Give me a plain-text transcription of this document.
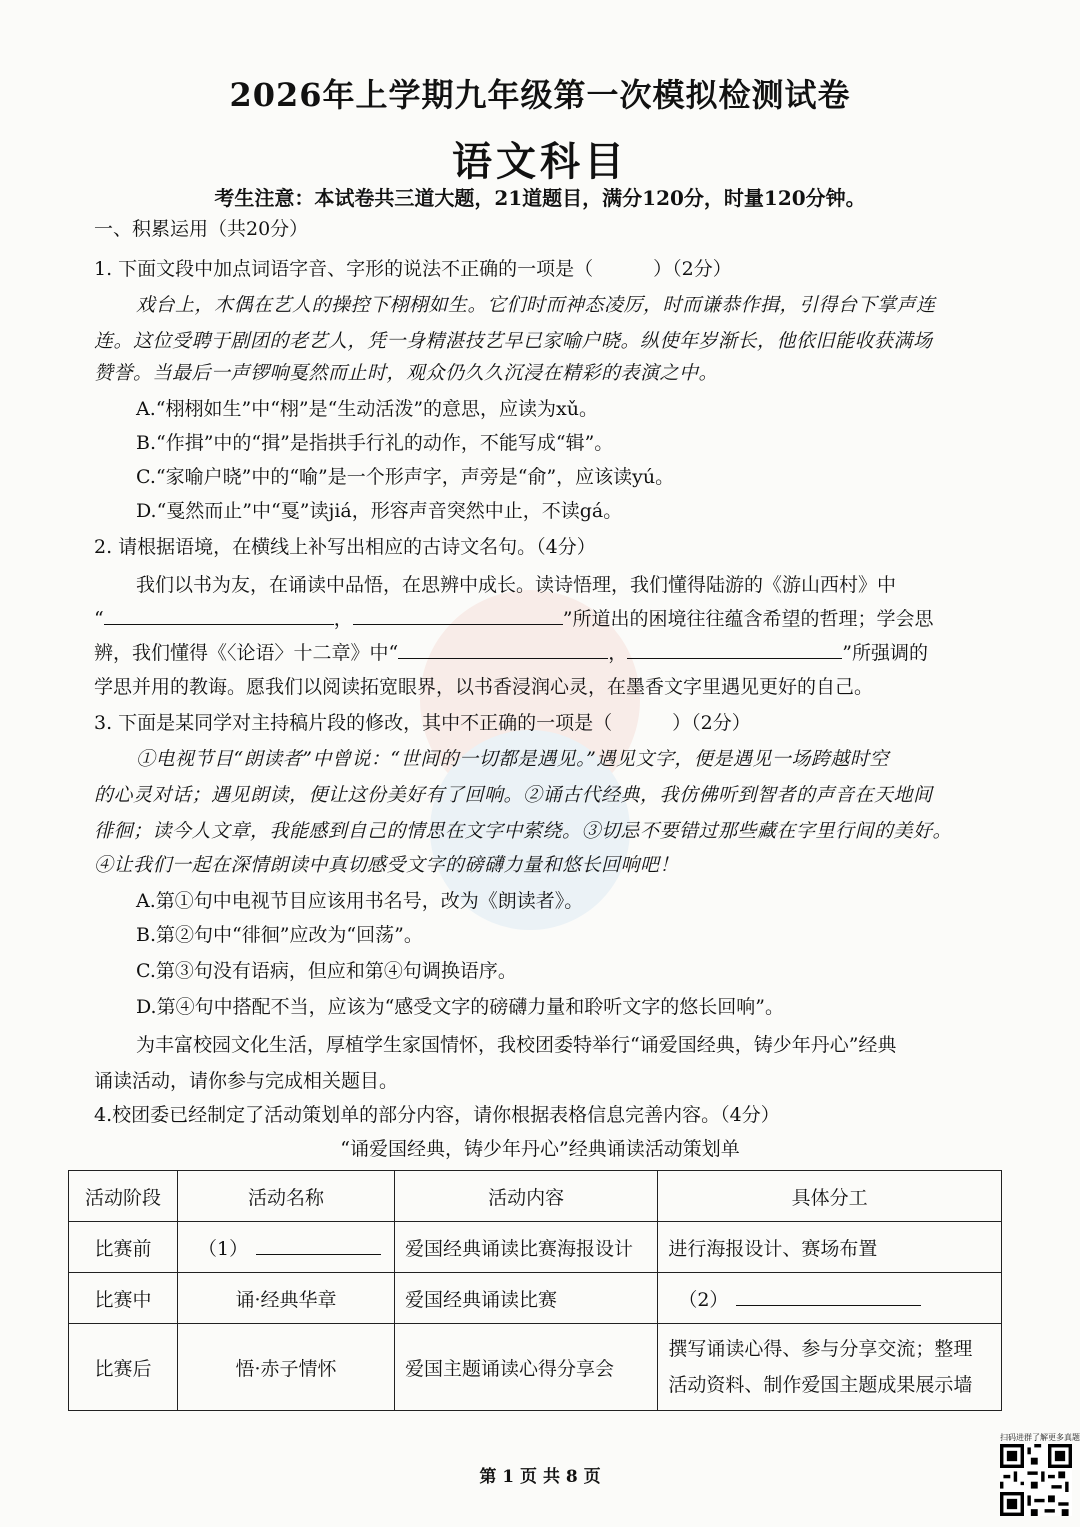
2026年上学期九年级第一次模拟检测试卷
语文科目
考生注意：本试卷共三道大题，21道题目，满分120分，时量120分钟。
一、积累运用（共20分）
1. 下面文段中加点词语字音、字形的说法不正确的一项是（	）（2分）
戏台上，木偶在艺人的操控下栩栩如生。它们时而神态凌厉，时而谦恭作揖，引得台下掌声连
连。这位受聘于剧团的老艺人，凭一身精湛技艺早已家喻户晓。纵使年岁渐长，他依旧能收获满场
赞誉。当最后一声锣响戛然而止时，观众仍久久沉浸在精彩的表演之中。
A.“栩栩如生”中“栩”是“生动活泼”的意思，应读为xǔ。
B.“作揖”中的“揖”是指拱手行礼的动作，不能写成“辑”。
C.“家喻户晓”中的“喻”是一个形声字，声旁是“俞”，应该读yú。
D.“戛然而止”中“戛”读jiá，形容声音突然中止，不读gá。
2. 请根据语境，在横线上补写出相应的古诗文名句。（4分）
我们以书为友，在诵读中品悟，在思辨中成长。读诗悟理，我们懂得陆游的《游山西村》中
“	，	”所道出的困境往往蕴含希望的哲理；学会思
辨，我们懂得《〈论语〉十二章》中“	，	”所强调的
学思并用的教诲。愿我们以阅读拓宽眼界，以书香浸润心灵，在墨香文字里遇见更好的自己。
3. 下面是某同学对主持稿片段的修改，其中不正确的一项是（	）（2分）
①电视节目“朗读者”中曾说：“世间的一切都是遇见。”遇见文字，便是遇见一场跨越时空
的心灵对话；遇见朗读，便让这份美好有了回响。②诵古代经典，我仿佛听到智者的声音在天地间
徘徊；读今人文章，我能感到自己的情思在文字中萦绕。③切忌不要错过那些藏在字里行间的美好。
④让我们一起在深情朗读中真切感受文字的磅礴力量和悠长回响吧！
A.第①句中电视节目应该用书名号，改为《朗读者》。
B.第②句中“徘徊”应改为“回荡”。
C.第③句没有语病，但应和第④句调换语序。
D.第④句中搭配不当，应该为“感受文字的磅礴力量和聆听文字的悠长回响”。
为丰富校园文化生活，厚植学生家国情怀，我校团委特举行“诵爱国经典，铸少年丹心”经典
诵读活动，请你参与完成相关题目。
4.校团委已经制定了活动策划单的部分内容，请你根据表格信息完善内容。（4分）
“诵爱国经典，铸少年丹心”经典诵读活动策划单
活动阶段	活动名称	活动内容	具体分工
比赛前	（1）	爱国经典诵读比赛海报设计	进行海报设计、赛场布置
比赛中	诵·经典华章	爱国经典诵读比赛	（2）
比赛后	悟·赤子情怀	爱国主题诵读心得分享会	撰写诵读心得、参与分享交流；整理
活动资料、制作爱国主题成果展示墙
第 1 页 共 8 页
扫码进群了解更多真题
